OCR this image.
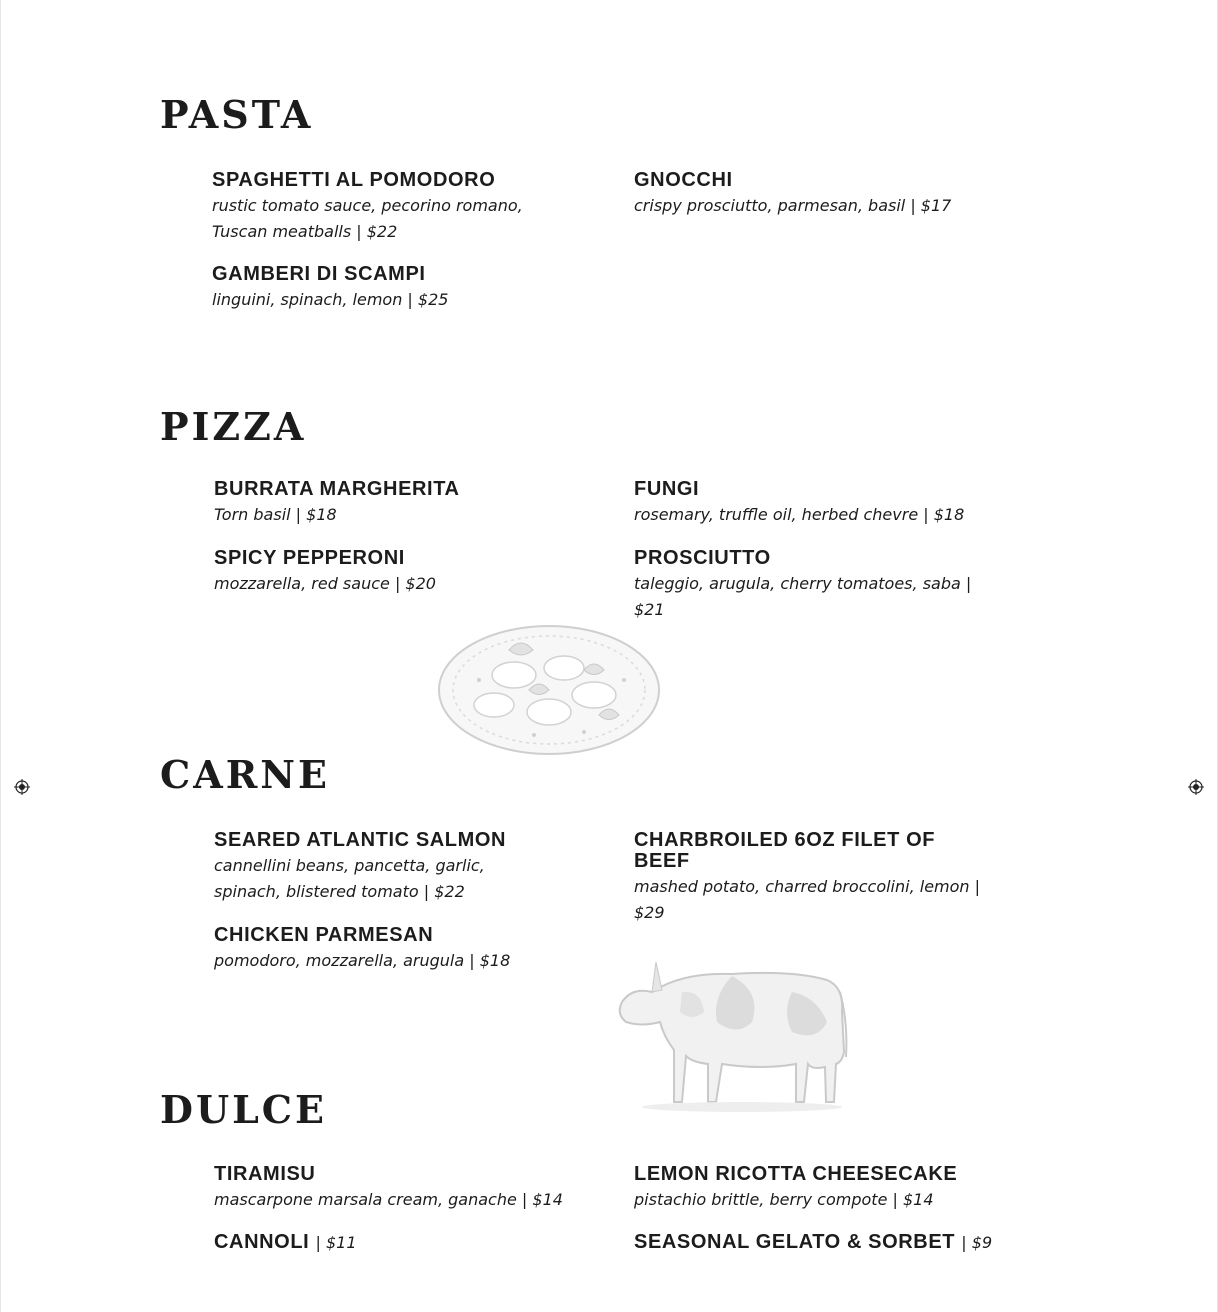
PASTA
SPAGHETTI AL POMODORO
rustic tomato sauce, pecorino romano, Tuscan meatballs | $22
GNOCCHI
crispy prosciutto, parmesan, basil | $17
GAMBERI DI SCAMPI
linguini, spinach, lemon | $25
PIZZA
BURRATA MARGHERITA
Torn basil | $18
FUNGI
rosemary, truffle oil, herbed chevre | $18
SPICY PEPPERONI
mozzarella, red sauce | $20
PROSCIUTTO
taleggio, arugula, cherry tomatoes, saba | $21
CARNE
SEARED ATLANTIC SALMON
cannellini beans, pancetta, garlic, spinach, blistered tomato | $22
CHARBROILED 6OZ FILET OF BEEF
mashed potato, charred broccolini, lemon | $29
CHICKEN PARMESAN
pomodoro, mozzarella, arugula | $18
DULCE
TIRAMISU
mascarpone marsala cream, ganache | $14
LEMON RICOTTA CHEESECAKE
pistachio brittle, berry compote | $14
CANNOLI | $11	SEASONAL GELATO & SORBET | $9
